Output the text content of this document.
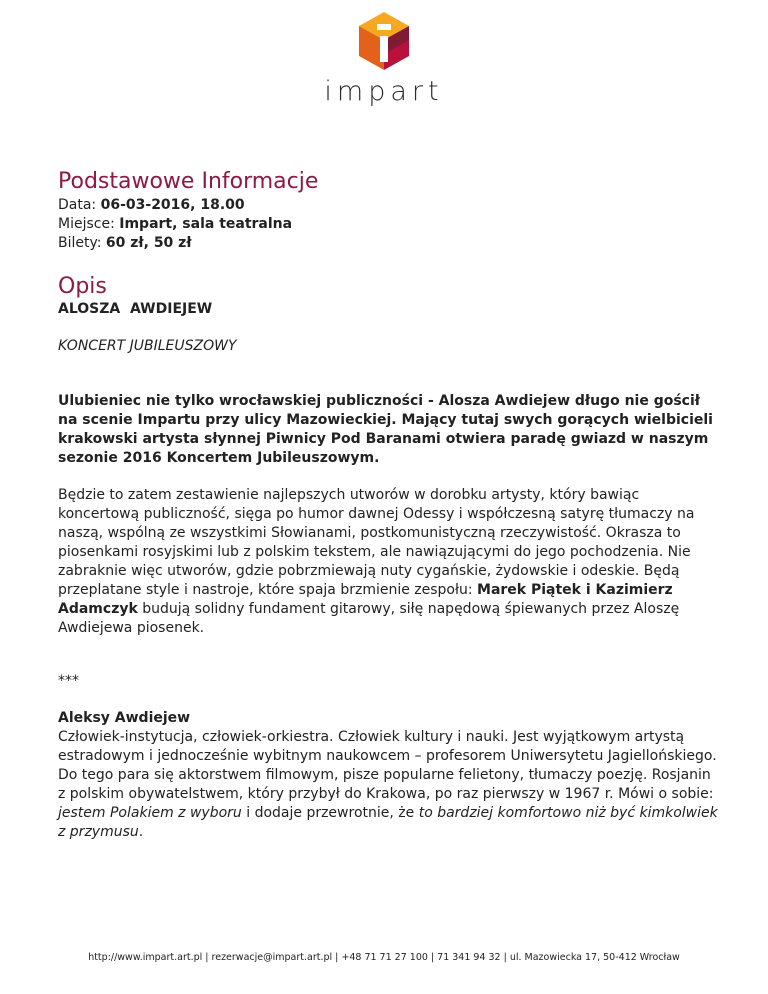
impart
Podstawowe Informacje
Data: 06-03-2016, 18.00
Miejsce: Impart, sala teatralna
Bilety: 60 zł, 50 zł
Opis

ALOSZA  AWDIEJEW

KONCERT JUBILEUSZOWY

Ulubieniec nie tylko wrocławskiej publiczności - Alosza Awdiejew długo nie gościł na scenie Impartu przy ulicy Mazowieckiej. Mający tutaj swych gorących wielbicieli krakowski artysta słynnej Piwnicy Pod Baranami otwiera paradę gwiazd w naszym sezonie 2016 Koncertem Jubileuszowym.

Będzie to zatem zestawienie najlepszych utworów w dorobku artysty, który bawiąc koncertową publiczność, sięga po humor dawnej Odessy i współczesną satyrę tłumaczy na naszą, wspólną ze wszystkimi Słowianami, postkomunistyczną rzeczywistość. Okrasza to piosenkami rosyjskimi lub z polskim tekstem, ale nawiązującymi do jego pochodzenia. Nie zabraknie więc utworów, gdzie pobrzmiewają nuty cygańskie, żydowskie i odeskie. Będą przeplatane style i nastroje, które spaja brzmienie zespołu: Marek Piątek i Kazimierz Adamczyk budują solidny fundament gitarowy, siłę napędową śpiewanych przez Aloszę Awdiejewa piosenek.

***

Aleksy Awdiejew

Człowiek-instytucja, człowiek-orkiestra. Człowiek kultury i nauki. Jest wyjątkowym artystą estradowym i jednocześnie wybitnym naukowcem – profesorem Uniwersytetu Jagiellońskiego. Do tego para się aktorstwem filmowym, pisze popularne felietony, tłumaczy poezję. Rosjanin z polskim obywatelstwem, który przybył do Krakowa, po raz pierwszy w 1967 r. Mówi o sobie: jestem Polakiem z wyboru i dodaje przewrotnie, że to bardziej komfortowo niż być kimkolwiek z przymusu.

http://www.impart.art.pl | rezerwacje@impart.art.pl | +48 71 71 27 100 | 71 341 94 32 | ul. Mazowiecka 17, 50-412 Wrocław
